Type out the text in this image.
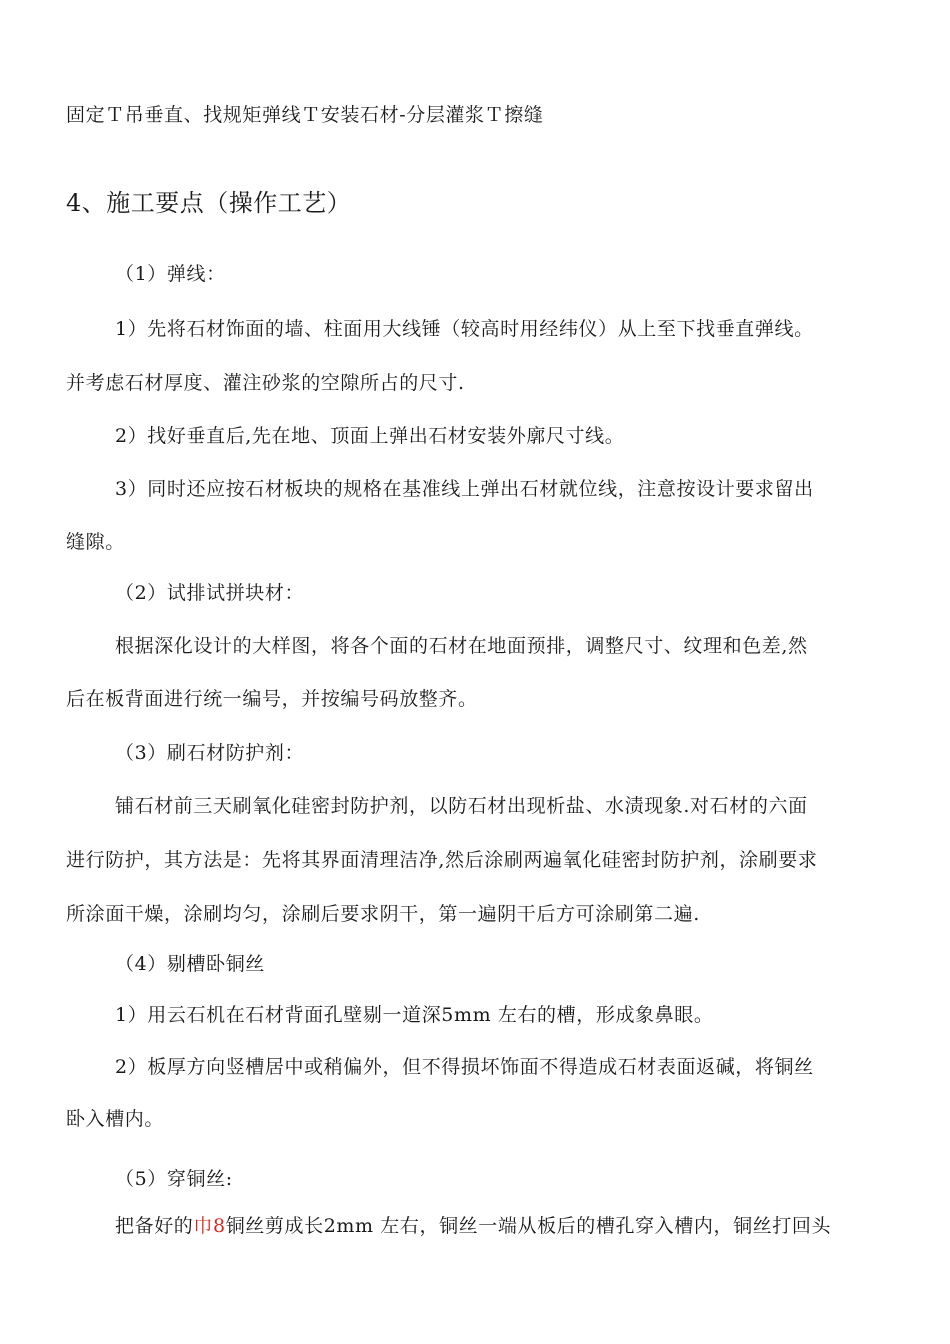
固定Ｔ吊垂直、找规矩弹线Ｔ安装石材-分层灌浆Ｔ擦缝
4、施工要点（操作工艺）
（1）弹线：
1）先将石材饰面的墙、柱面用大线锤（较高时用经纬仪）从上至下找垂直弹线。
并考虑石材厚度、灌注砂浆的空隙所占的尺寸.
2）找好垂直后,先在地、顶面上弹出石材安装外廓尺寸线。
3）同时还应按石材板块的规格在基准线上弹出石材就位线，注意按设计要求留出
缝隙。
（2）试排试拼块材：
根据深化设计的大样图，将各个面的石材在地面预排，调整尺寸、纹理和色差,然
后在板背面进行统一编号，并按编号码放整齐。
（3）刷石材防护剂：
铺石材前三天刷氧化硅密封防护剂，以防石材出现析盐、水渍现象.对石材的六面
进行防护，其方法是：先将其界面清理洁净,然后涂刷两遍氧化硅密封防护剂，涂刷要求
所涂面干燥，涂刷均匀，涂刷后要求阴干，第一遍阴干后方可涂刷第二遍.
（4）剔槽卧铜丝
1）用云石机在石材背面孔壁剔一道深5mm 左右的槽，形成象鼻眼。
2）板厚方向竖槽居中或稍偏外，但不得损坏饰面不得造成石材表面返碱，将铜丝
卧入槽内。
（5）穿铜丝:
把备好的巾8铜丝剪成长2mm 左右，铜丝一端从板后的槽孔穿入槽内，铜丝打回头
